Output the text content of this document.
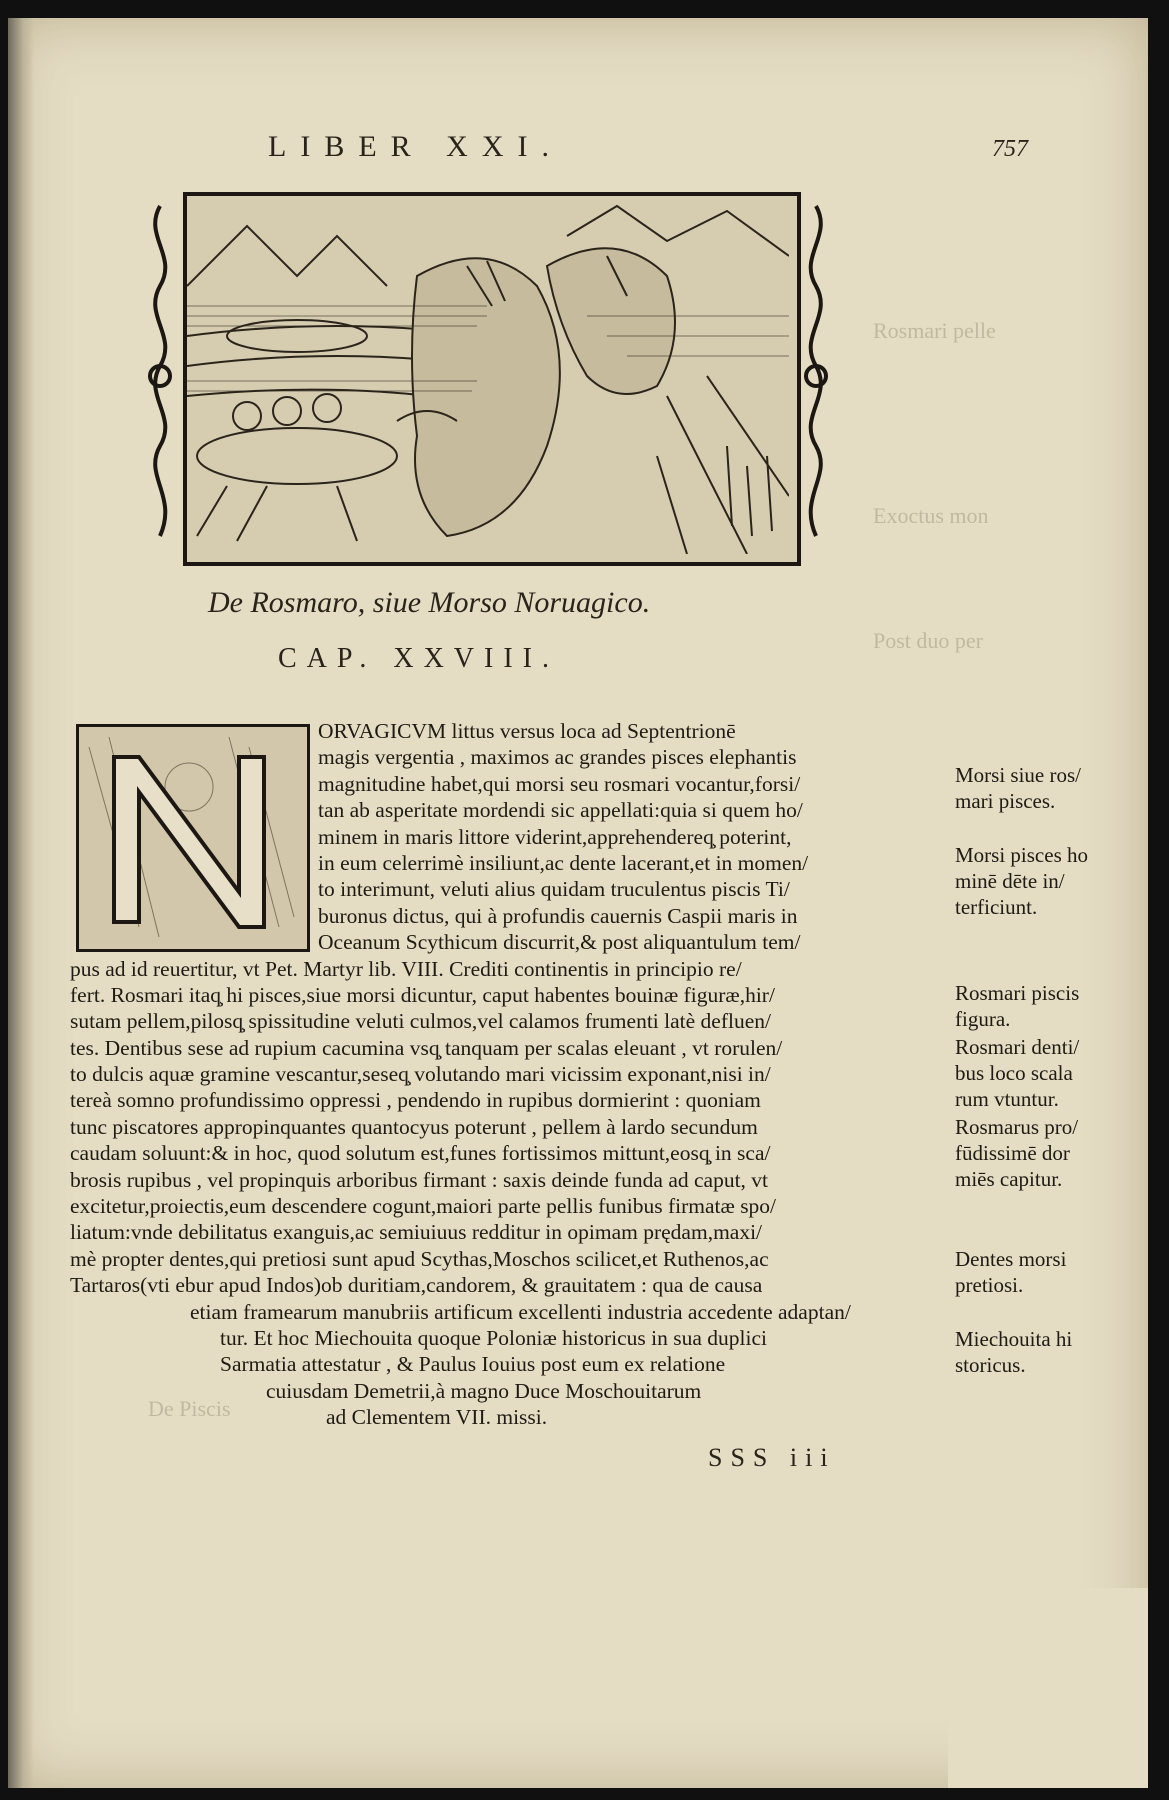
Rosmari pelle
Exoctus mon
Post duo per
De Piscis
LIBER XXI.	757
De Rosmaro, siue Morso Noruagico.
CAP. XXVIII.
ORVAGICVM littus versus loca ad Septentrionē
magis vergentia , maximos ac grandes pisces elephantis
magnitudine habet,qui morsi seu rosmari vocantur,forsi/
tan ab asperitate mordendi sic appellati:quia si quem ho/
minem in maris littore viderint,apprehendereq̧ poterint,
in eum celerrimè insiliunt,ac dente lacerant,et in momen/
to interimunt, veluti alius quidam truculentus piscis Ti/
buronus dictus, qui à profundis cauernis Caspii maris in
Oceanum Scythicum discurrit,& post aliquantulum tem/
pus ad id reuertitur, vt Pet. Martyr lib. VIII. Crediti continentis in principio re/
fert. Rosmari itaq̧ hi pisces,siue morsi dicuntur, caput habentes bouinæ figuræ,hir/
sutam pellem,pilosq̧ spissitudine veluti culmos,vel calamos frumenti latè defluen/
tes. Dentibus sese ad rupium cacumina vsq̧ tanquam per scalas eleuant , vt rorulen/
to dulcis aquæ gramine vescantur,seseq̧ volutando mari vicissim exponant,nisi in/
tereà somno profundissimo oppressi , pendendo in rupibus dormierint : quoniam
tunc piscatores appropinquantes quantocyus poterunt , pellem à lardo secundum
caudam soluunt:& in hoc, quod solutum est,funes fortissimos mittunt,eosq̧ in sca/
brosis rupibus , vel propinquis arboribus firmant : saxis deinde funda ad caput, vt
excitetur,proiectis,eum descendere cogunt,maiori parte pellis funibus firmatæ spo/
liatum:vnde debilitatus exanguis,ac semiuiuus redditur in opimam prędam,maxi/
mè propter dentes,qui pretiosi sunt apud Scythas,Moschos scilicet,et Ruthenos,ac
Tartaros(vti ebur apud Indos)ob duritiam,candorem, & grauitatem : qua de causa
etiam framearum manubriis artificum excellenti industria accedente adaptan/
tur. Et hoc Miechouita quoque Poloniæ historicus in sua duplici
Sarmatia attestatur , & Paulus Iouius post eum ex relatione
cuiusdam Demetrii,à magno Duce Moschouitarum
ad Clementem VII. missi.
Morsi siue ros/
mari pisces.
Morsi pisces ho
minē dēte in/
terficiunt.
Rosmari piscis
figura.
Rosmari denti/
bus loco scala
rum vtuntur.
Rosmarus pro/
fūdissimē dor
miēs capitur.
Dentes morsi
pretiosi.
Miechouita hi
storicus.
SSS iii
